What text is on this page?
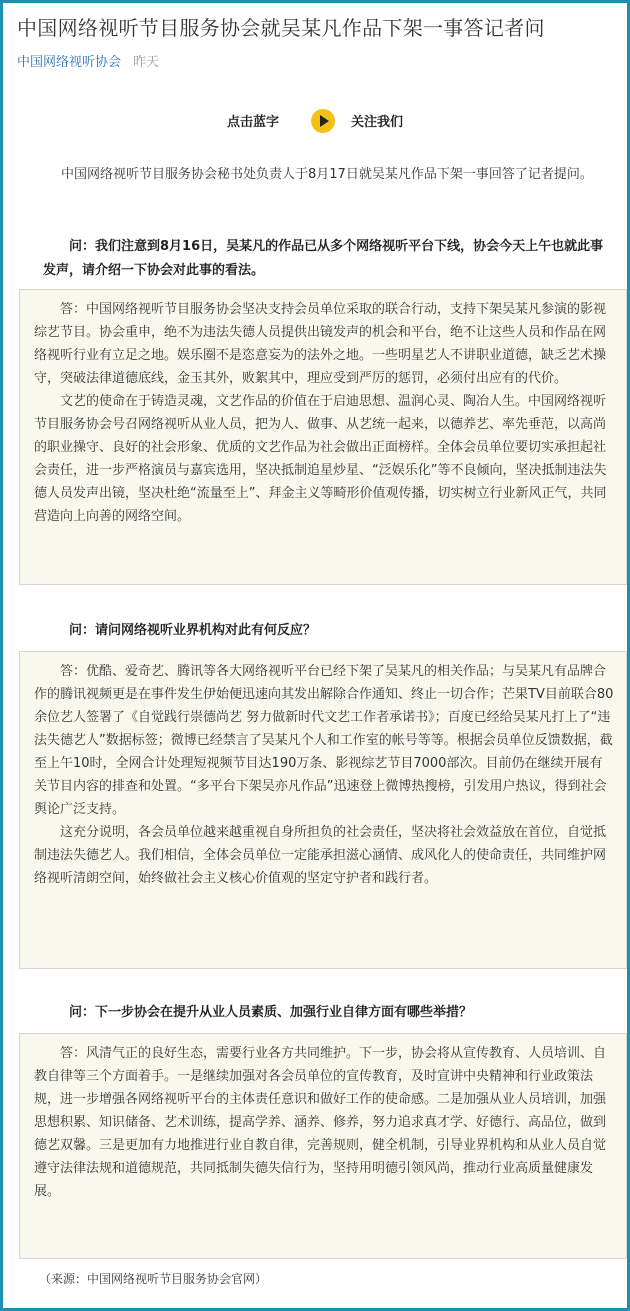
中国网络视听节目服务协会就吴某凡作品下架一事答记者问
中国网络视听协会 昨天
点击蓝字	关注我们

中国网络视听节目服务协会秘书处负责人于8月17日就吴某凡作品下架一事回答了记者提问。

问：我们注意到8月16日，吴某凡的作品已从多个网络视听平台下线，协会今天上午也就此事发声，请介绍一下协会对此事的看法。

答：中国网络视听节目服务协会坚决支持会员单位采取的联合行动，支持下架吴某凡参演的影视综艺节目。协会重申，绝不为违法失德人员提供出镜发声的机会和平台，绝不让这些人员和作品在网络视听行业有立足之地。娱乐圈不是恣意妄为的法外之地。一些明星艺人不讲职业道德，缺乏艺术操守，突破法律道德底线，金玉其外，败絮其中，理应受到严厉的惩罚，必须付出应有的代价。

文艺的使命在于铸造灵魂，文艺作品的价值在于启迪思想、温润心灵、陶冶人生。中国网络视听节目服务协会号召网络视听从业人员，把为人、做事、从艺统一起来，以德养艺、率先垂范，以高尚的职业操守、良好的社会形象、优质的文艺作品为社会做出正面榜样。全体会员单位要切实承担起社会责任，进一步严格演员与嘉宾选用，坚决抵制追星炒星、“泛娱乐化”等不良倾向，坚决抵制违法失德人员发声出镜，坚决杜绝“流量至上”、拜金主义等畸形价值观传播，切实树立行业新风正气，共同营造向上向善的网络空间。

问：请问网络视听业界机构对此有何反应？

答：优酷、爱奇艺、腾讯等各大网络视听平台已经下架了吴某凡的相关作品；与吴某凡有品牌合作的腾讯视频更是在事件发生伊始便迅速向其发出解除合作通知、终止一切合作；芒果TV目前联合80余位艺人签署了《自觉践行崇德尚艺 努力做新时代文艺工作者承诺书》；百度已经给吴某凡打上了“违法失德艺人”数据标签；微博已经禁言了吴某凡个人和工作室的帐号等等。根据会员单位反馈数据，截至上午10时，全网合计处理短视频节目达190万条、影视综艺节目7000部次。目前仍在继续开展有关节目内容的排查和处置。“多平台下架吴亦凡作品”迅速登上微博热搜榜，引发用户热议，得到社会舆论广泛支持。

这充分说明，各会员单位越来越重视自身所担负的社会责任，坚决将社会效益放在首位，自觉抵制违法失德艺人。我们相信，全体会员单位一定能承担滋心涵情、成风化人的使命责任，共同维护网络视听清朗空间，始终做社会主义核心价值观的坚定守护者和践行者。

问：下一步协会在提升从业人员素质、加强行业自律方面有哪些举措？

答：风清气正的良好生态，需要行业各方共同维护。下一步，协会将从宣传教育、人员培训、自教自律等三个方面着手。一是继续加强对各会员单位的宣传教育，及时宣讲中央精神和行业政策法规，进一步增强各网络视听平台的主体责任意识和做好工作的使命感。二是加强从业人员培训，加强思想积累、知识储备、艺术训练，提高学养、涵养、修养，努力追求真才学、好德行、高品位，做到德艺双馨。三是更加有力地推进行业自教自律，完善规则，健全机制，引导业界机构和从业人员自觉遵守法律法规和道德规范，共同抵制失德失信行为，坚持用明德引领风尚，推动行业高质量健康发展。

（来源：中国网络视听节目服务协会官网）
